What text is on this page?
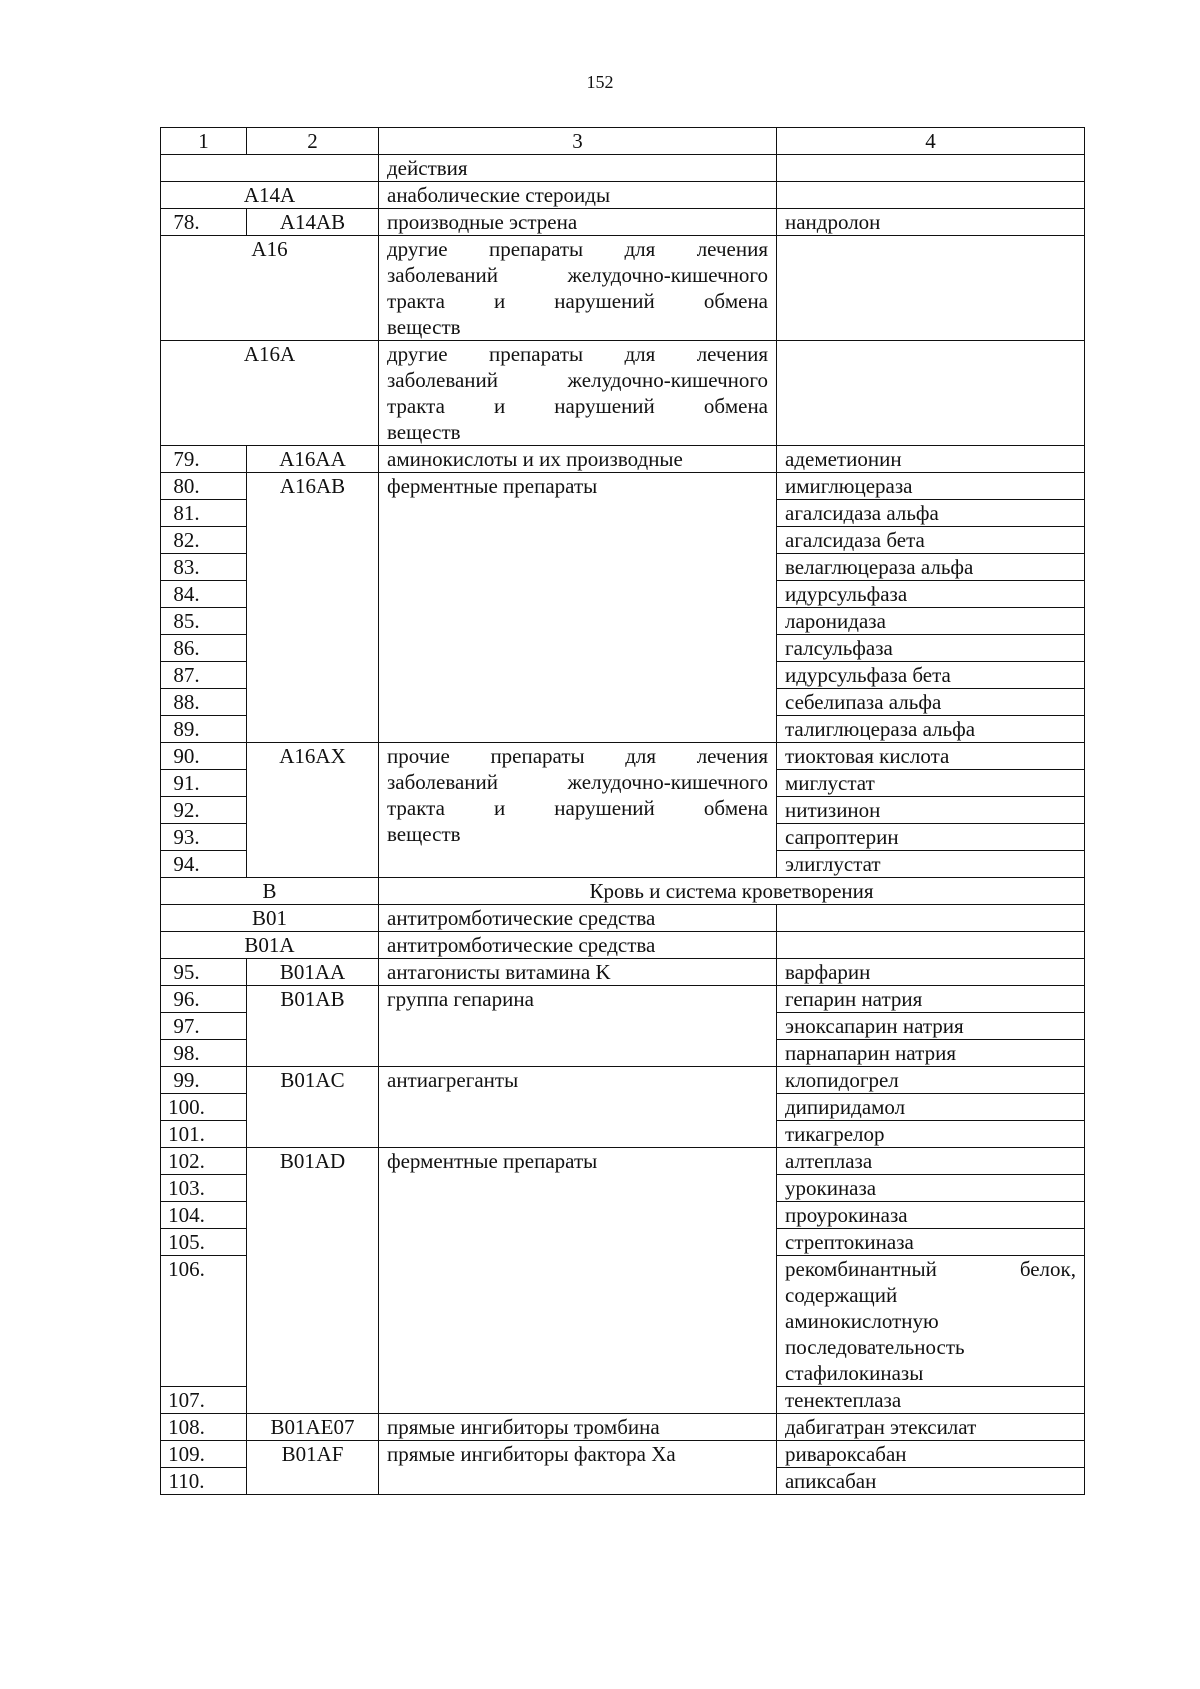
152
1	2	3	4
		действия	
A14A		анаболические стероиды	
78.	A14AB	производные эстрена	нандролон
A16		другие препараты для лечения
заболеваний желудочно-кишечного
тракта и нарушений обмена
веществ	

A16A		другие препараты для лечения
заболеваний желудочно-кишечного
тракта и нарушений обмена
веществ	

79.	A16AA	аминокислоты и их производные	адеметионин
80.	A16AB	ферментные препараты	имиглюцераза
81.			агалсидаза альфа
82.			агалсидаза бета
83.			велаглюцераза альфа
84.			идурсульфаза
85.			ларонидаза
86.			галсульфаза
87.			идурсульфаза бета
88.			себелипаза альфа
89.			талиглюцераза альфа
90.	A16AX	прочие препараты для лечения
заболеваний желудочно-кишечного
тракта и нарушений обмена
веществ	тиоктовая кислота
91.			миглустат
92.			нитизинон
93.			сапроптерин
94.			элиглустат
B		Кровь и система кроветворения	
B01		антитромботические средства	
B01A		антитромботические средства	
95.	B01AA	антагонисты витамина K	варфарин
96.	B01AB	группа гепарина	гепарин натрия
97.			эноксапарин натрия
98.			парнапарин натрия
99.	B01AC	антиагреганты	клопидогрел
100.			дипиридамол
101.			тикагрелор
102.	B01AD	ферментные препараты	алтеплаза
103.			урокиназа
104.			проурокиназа
105.			стрептокиназа
106.			рекомбинантный белок,
содержащий
аминокислотную
последовательность
стафилокиназы

107.			тенектеплаза
108.	B01AE07	прямые ингибиторы тромбина	дабигатран этексилат
109.	B01AF	прямые ингибиторы фактора Xa	ривароксабан
110.			апиксабан
